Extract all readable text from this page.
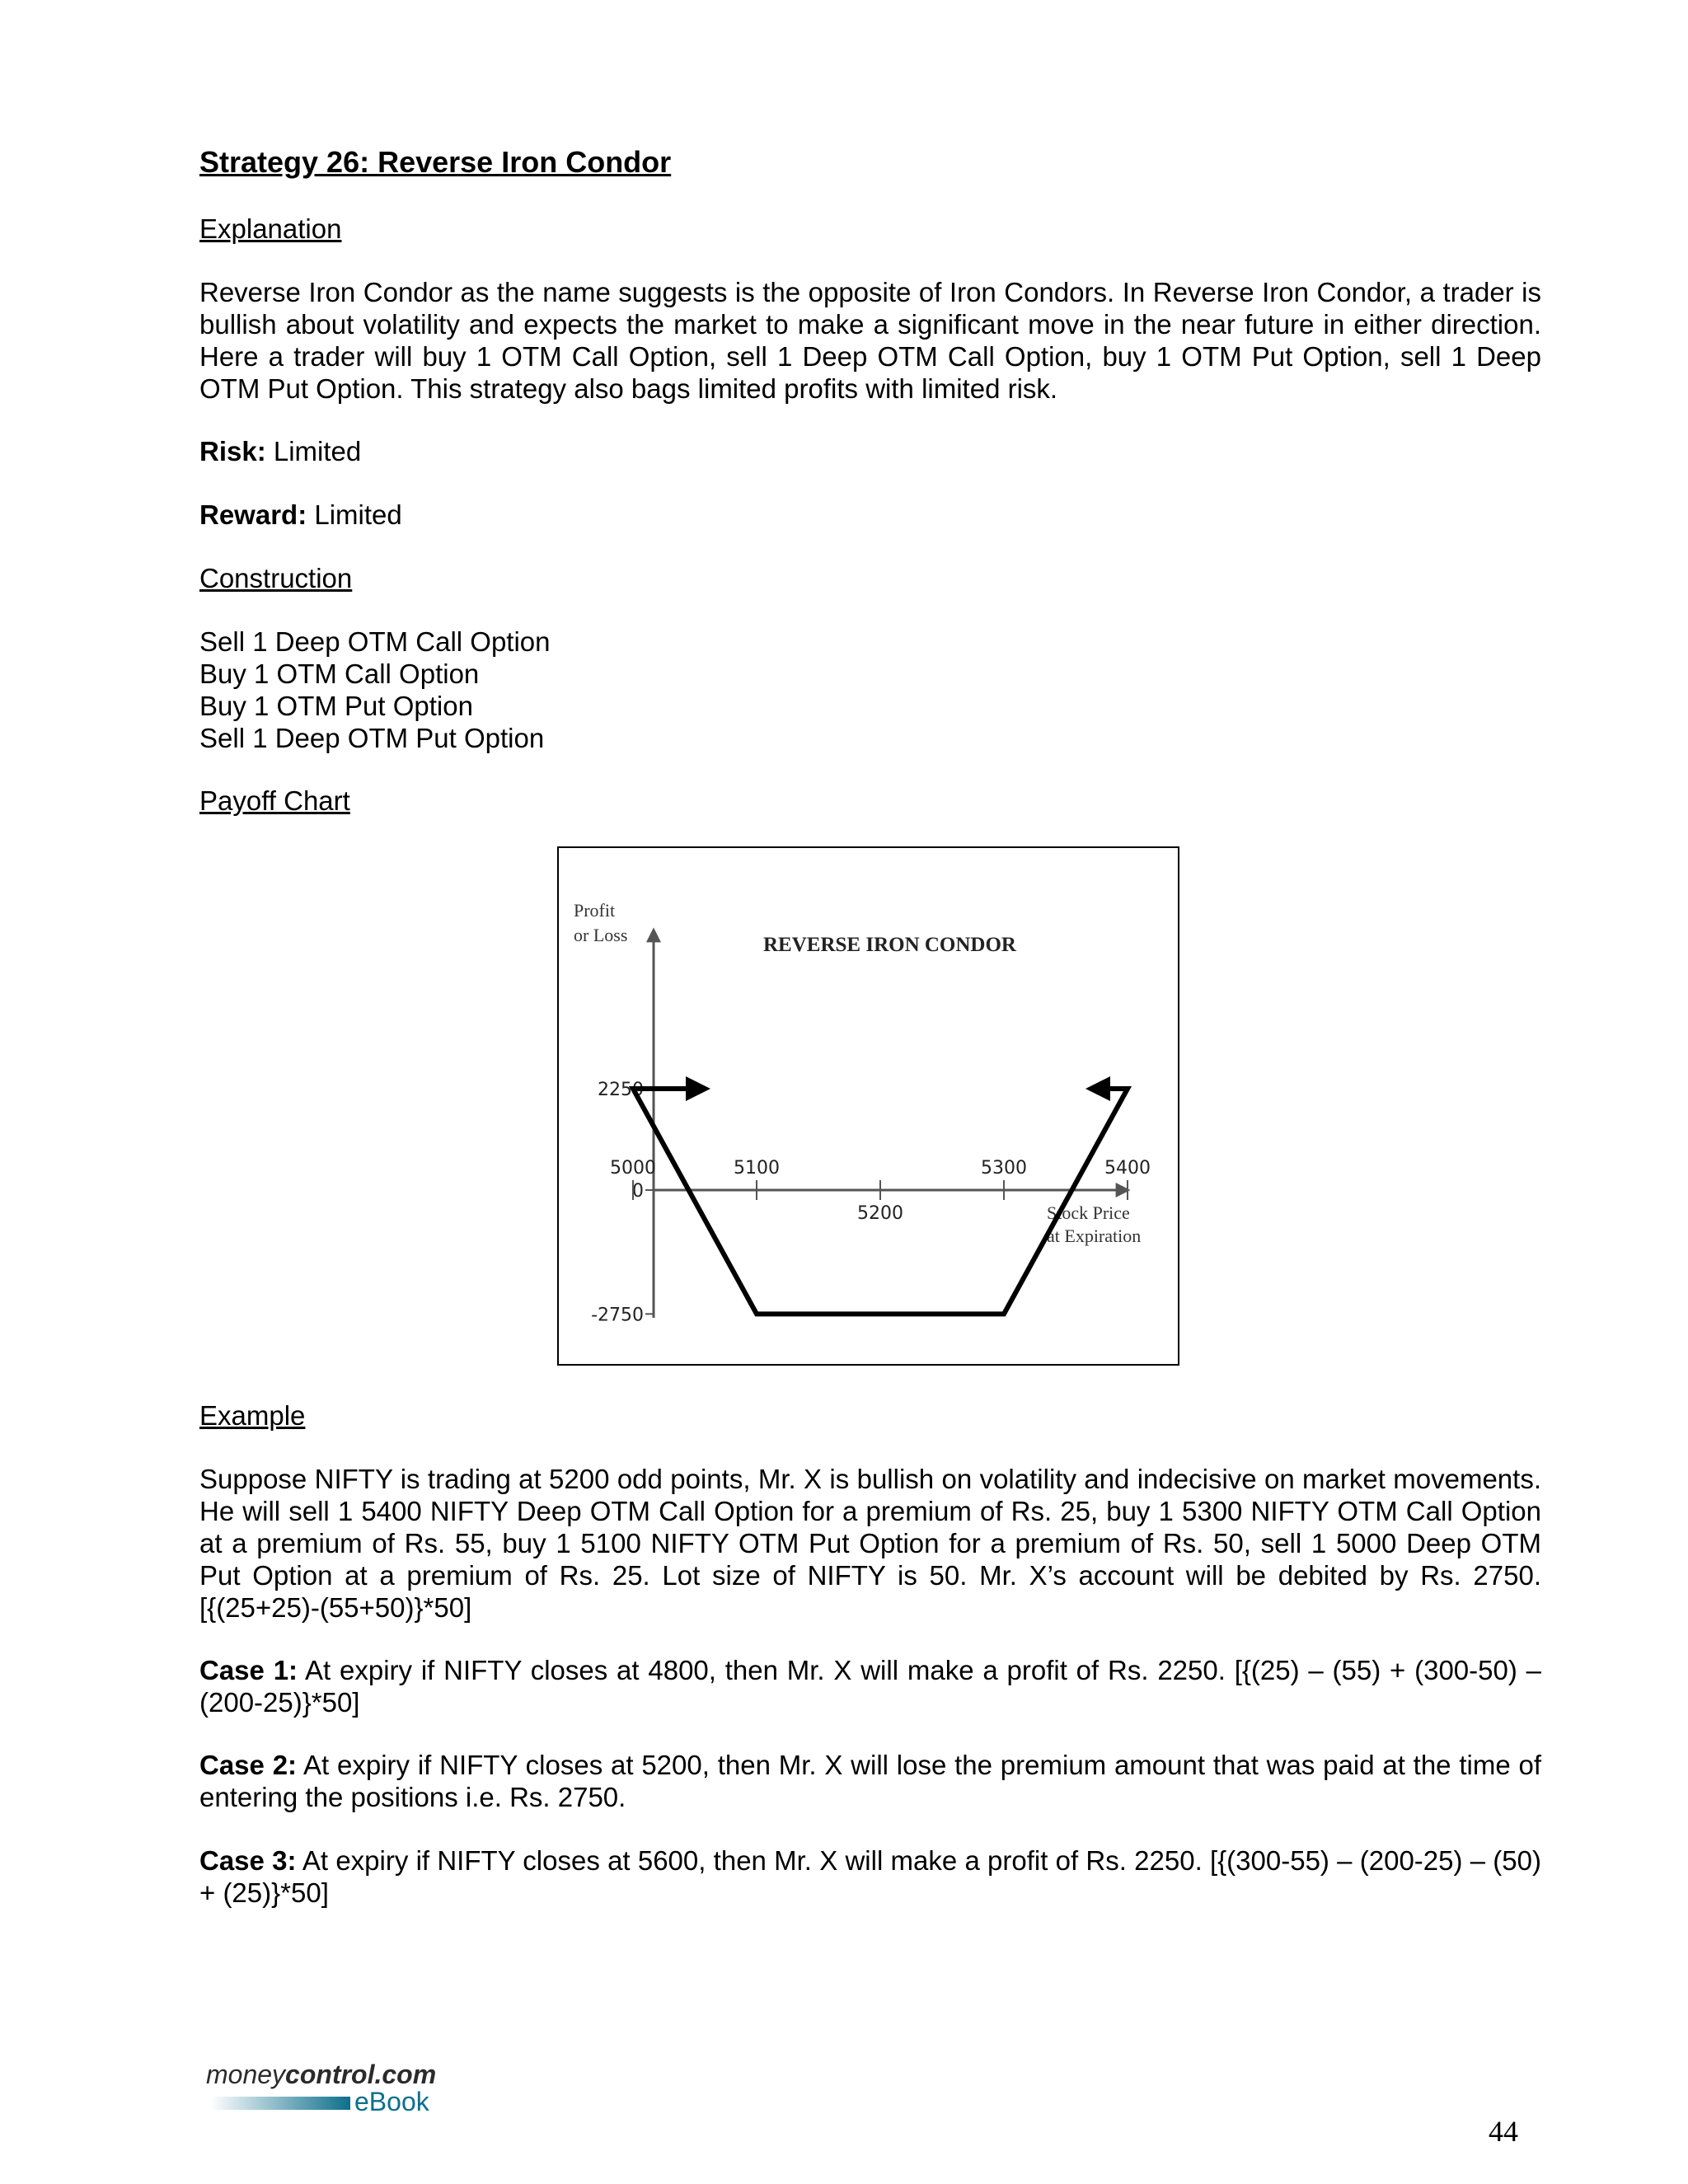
Strategy 26: Reverse Iron Condor
Explanation

Reverse Iron Condor as the name suggests is the opposite of Iron Condors. In Reverse Iron Condor, a trader is bullish about volatility and expects the market to make a significant move in the near future in either direction. Here a trader will buy 1 OTM Call Option, sell 1 Deep OTM Call Option, buy 1 OTM Put Option, sell 1 Deep OTM Put Option. This strategy also bags limited profits with limited risk.

Risk: Limited
Reward: Limited
Construction
Sell 1 Deep OTM Call Option
Buy 1 OTM Call Option
Buy 1 OTM Put Option
Sell 1 Deep OTM Put Option
Payoff Chart
Example

Suppose NIFTY is trading at 5200 odd points, Mr. X is bullish on volatility and indecisive on market movements. He will sell 1 5400 NIFTY Deep OTM Call Option for a premium of Rs. 25, buy 1 5300 NIFTY OTM Call Option at a premium of Rs. 55, buy 1 5100 NIFTY OTM Put Option for a premium of Rs. 50, sell 1 5000 Deep OTM Put Option at a premium of Rs. 25. Lot size of NIFTY is 50. Mr. X’s account will be debited by Rs. 2750. [{(25+25)-(55+50)}*50]

Case 1: At expiry if NIFTY closes at 4800, then Mr. X will make a profit of Rs. 2250. [{(25) – (55) + (300-50) – (200-25)}*50]

Case 2: At expiry if NIFTY closes at 5200, then Mr. X will lose the premium amount that was paid at the time of entering the positions i.e. Rs. 2750.

Case 3: At expiry if NIFTY closes at 5600, then Mr. X will make a profit of Rs. 2250. [{(300-55) – (200-25) – (50) + (25)}*50]

2250
0
-2750
5000	5100	5300	5400
5200
Profit
or Loss
Stock Price
at Expiration
REVERSE IRON CONDOR
moneycontrol.com
eBook
44
